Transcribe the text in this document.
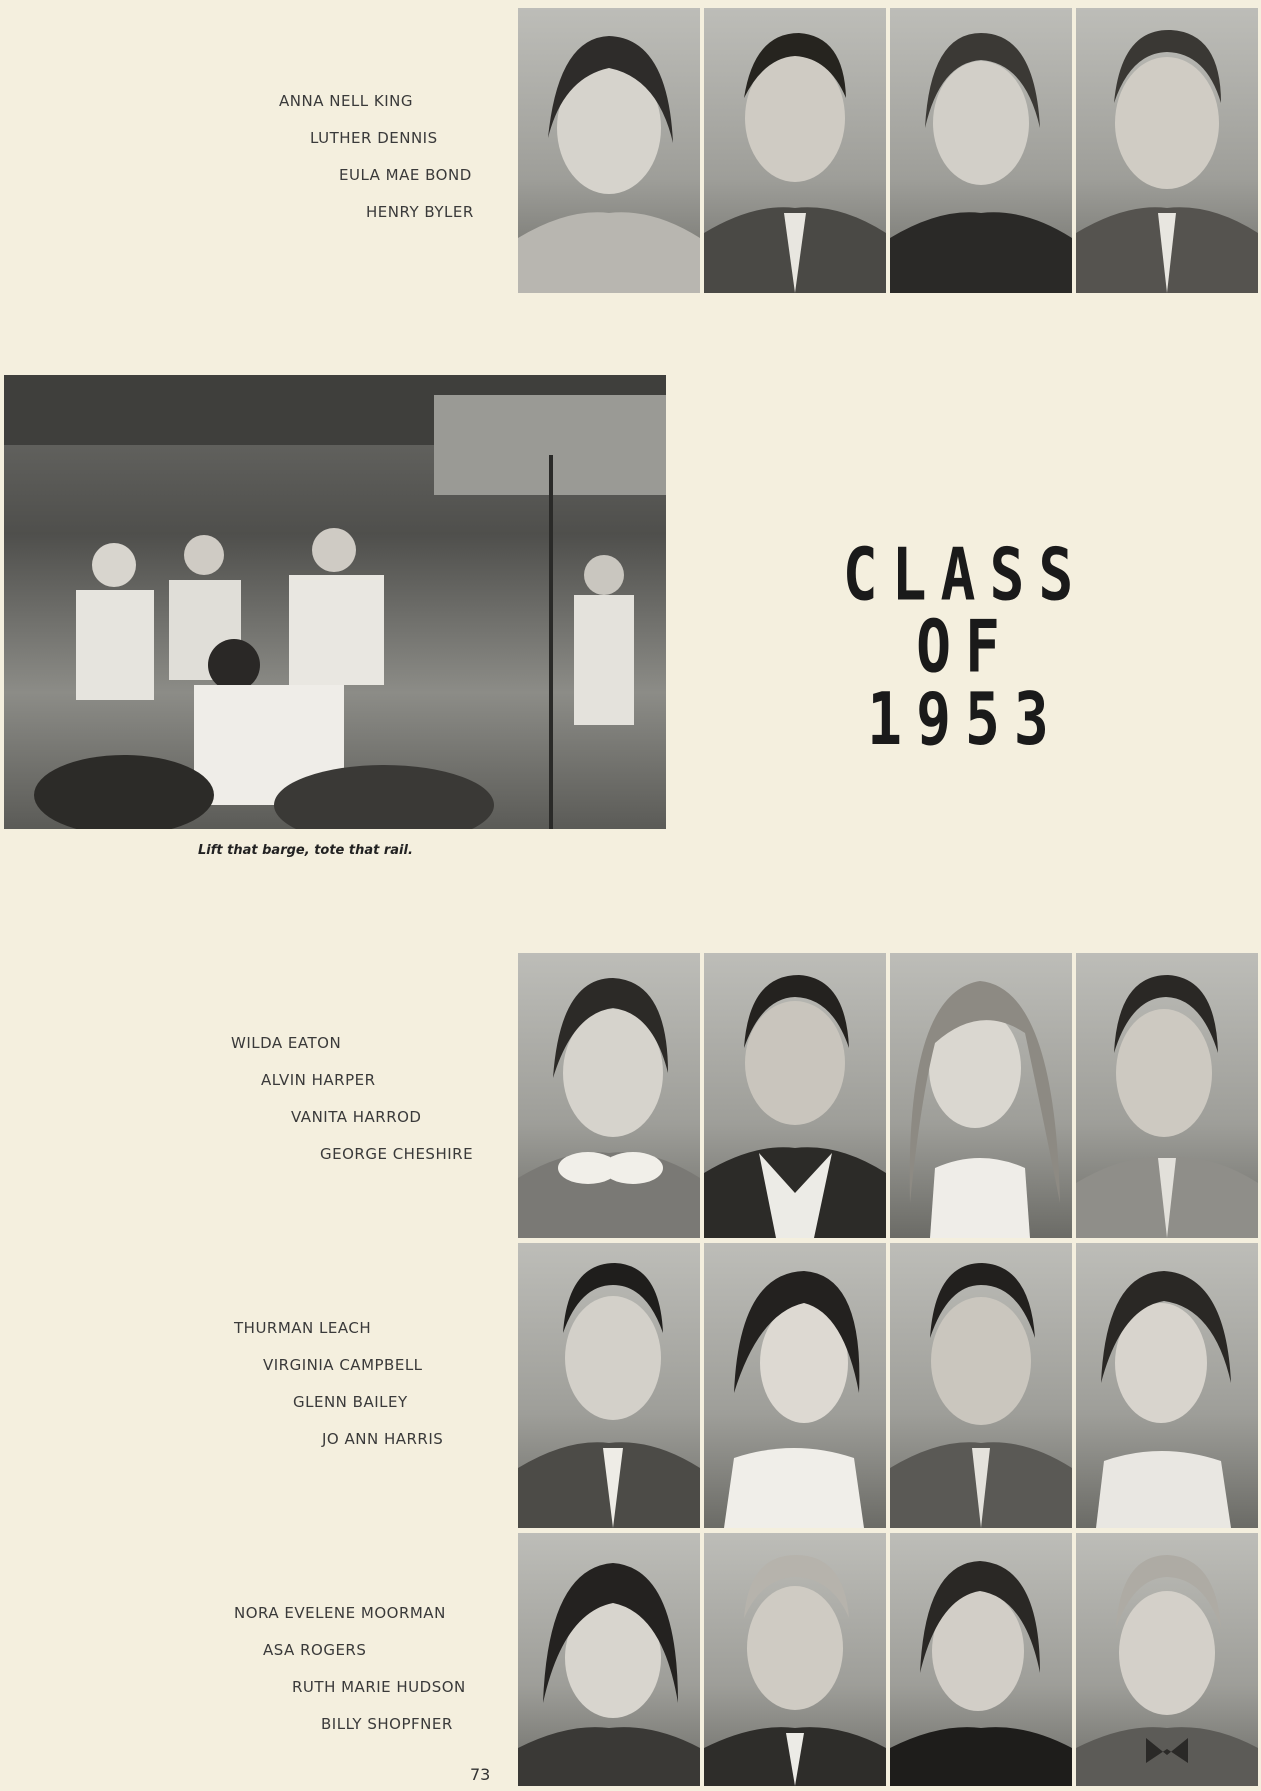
ANNA NELL KING
LUTHER DENNIS
EULA MAE BOND
HENRY BYLER
Lift that barge, tote that rail.
CLASS
OF 1953
WILDA EATON
ALVIN HARPER
VANITA HARROD
GEORGE CHESHIRE
THURMAN LEACH
VIRGINIA CAMPBELL
GLENN BAILEY
JO ANN HARRIS
NORA EVELENE MOORMAN
ASA ROGERS
RUTH MARIE HUDSON
BILLY SHOPFNER
73
